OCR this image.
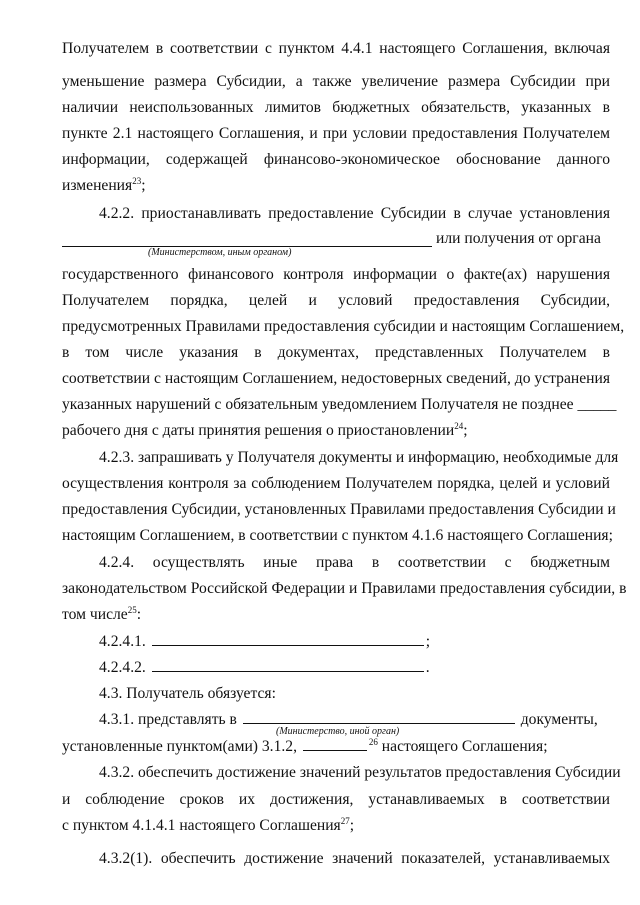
Получателем в соответствии с пунктом 4.4.1 настоящего Соглашения, включая
уменьшение размера Субсидии, а также увеличение размера Субсидии при
наличии неиспользованных лимитов бюджетных обязательств, указанных в
пункте 2.1 настоящего Соглашения, и при условии предоставления Получателем
информации, содержащей финансово-экономическое обоснование данного
изменения$^{23}$;
4.2.2. приостанавливать предоставление Субсидии в случае установления
(Министерством, иным органом)
или получения от органа
государственного финансового контроля информации о факте(ах) нарушения
Получателем порядка, целей и условий предоставления Субсидии,
предусмотренных Правилами предоставления субсидии и настоящим Соглашением,
в том числе указания в документах, представленных Получателем в
соответствии с настоящим Соглашением, недостоверных сведений, до устранения
указанных нарушений с обязательным уведомлением Получателя не позднее _____
рабочего дня с даты принятия решения о приостановлении$^{24}$;
4.2.3. запрашивать у Получателя документы и информацию, необходимые для
осуществления контроля за соблюдением Получателем порядка, целей и условий
предоставления Субсидии, установленных Правилами предоставления Субсидии и
настоящим Соглашением, в соответствии с пунктом 4.1.6 настоящего Соглашения;
4.2.4. осуществлять иные права в соответствии с бюджетным
законодательством Российской Федерации и Правилами предоставления субсидии, в
том числе$^{25}$:
4.2.4.1.	;
4.2.4.2.	.
4.3. Получатель обязуется:
4.3.1. представлять в	документы,
(Министерство, иной орган)
установленные пунктом(ами) 3.1.2,	$^{26}$ настоящего Соглашения;
4.3.2. обеспечить достижение значений результатов предоставления Субсидии
и соблюдение сроков их достижения, устанавливаемых в соответствии
с пунктом 4.1.4.1 настоящего Соглашения$^{27}$;
4.3.2(1). обеспечить достижение значений показателей, устанавливаемых
